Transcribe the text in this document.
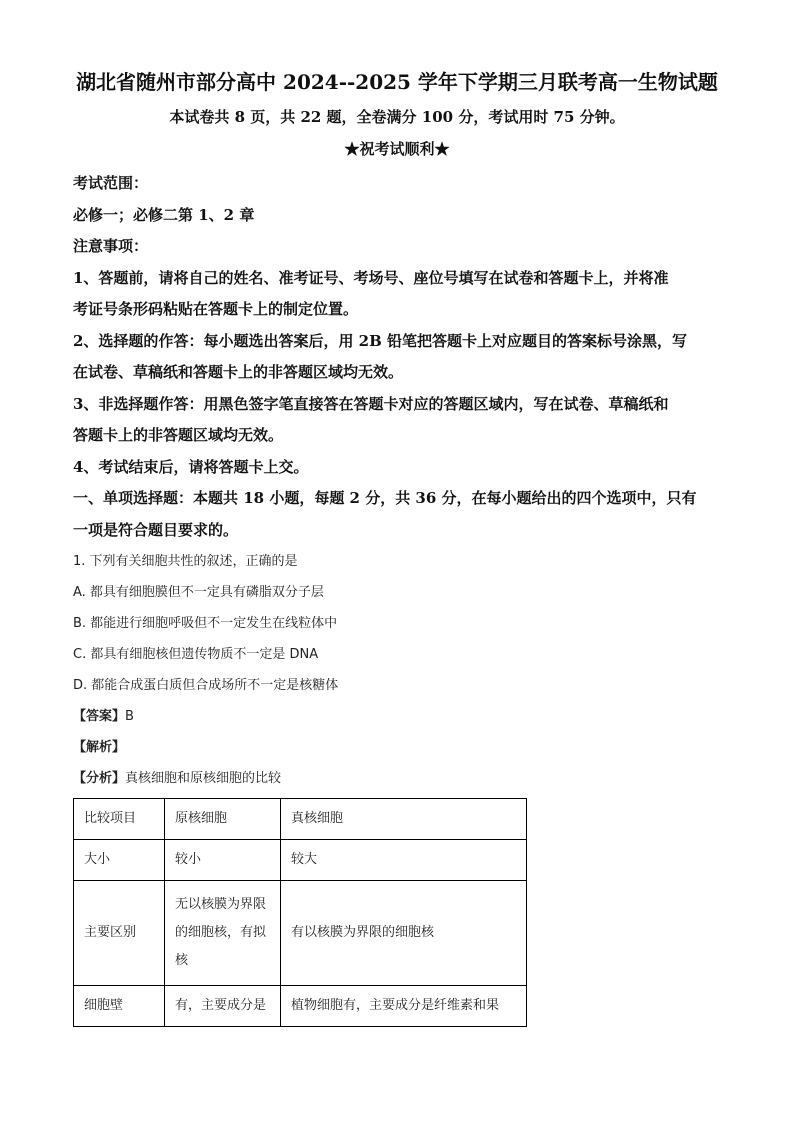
湖北省随州市部分高中 2024--2025 学年下学期三月联考高一生物试题
本试卷共 8 页，共 22 题，全卷满分 100 分，考试用时 75 分钟。
★祝考试顺利★

考试范围：

必修一；必修二第 1、2 章

注意事项：

1、答题前，请将自己的姓名、准考证号、考场号、座位号填写在试卷和答题卡上，并将准

考证号条形码粘贴在答题卡上的制定位置。

2、选择题的作答：每小题选出答案后，用 2B 铅笔把答题卡上对应题目的答案标号涂黑，写

在试卷、草稿纸和答题卡上的非答题区域均无效。

3、非选择题作答：用黑色签字笔直接答在答题卡对应的答题区域内，写在试卷、草稿纸和

答题卡上的非答题区域均无效。

4、考试结束后，请将答题卡上交。

一、单项选择题：本题共 18 小题，每题 2 分，共 36 分，在每小题给出的四个选项中，只有

一项是符合题目要求的。

1. 下列有关细胞共性的叙述，正确的是

A. 都具有细胞膜但不一定具有磷脂双分子层

B. 都能进行细胞呼吸但不一定发生在线粒体中

C. 都具有细胞核但遗传物质不一定是 DNA

D. 都能合成蛋白质但合成场所不一定是核糖体

【答案】B

【解析】

【分析】真核细胞和原核细胞的比较

比较项目	原核细胞	真核细胞
大小	较小	较大
主要区别	无以核膜为界限的细胞核，有拟核	有以核膜为界限的细胞核
细胞壁	有，主要成分是	植物细胞有，主要成分是纤维素和果
